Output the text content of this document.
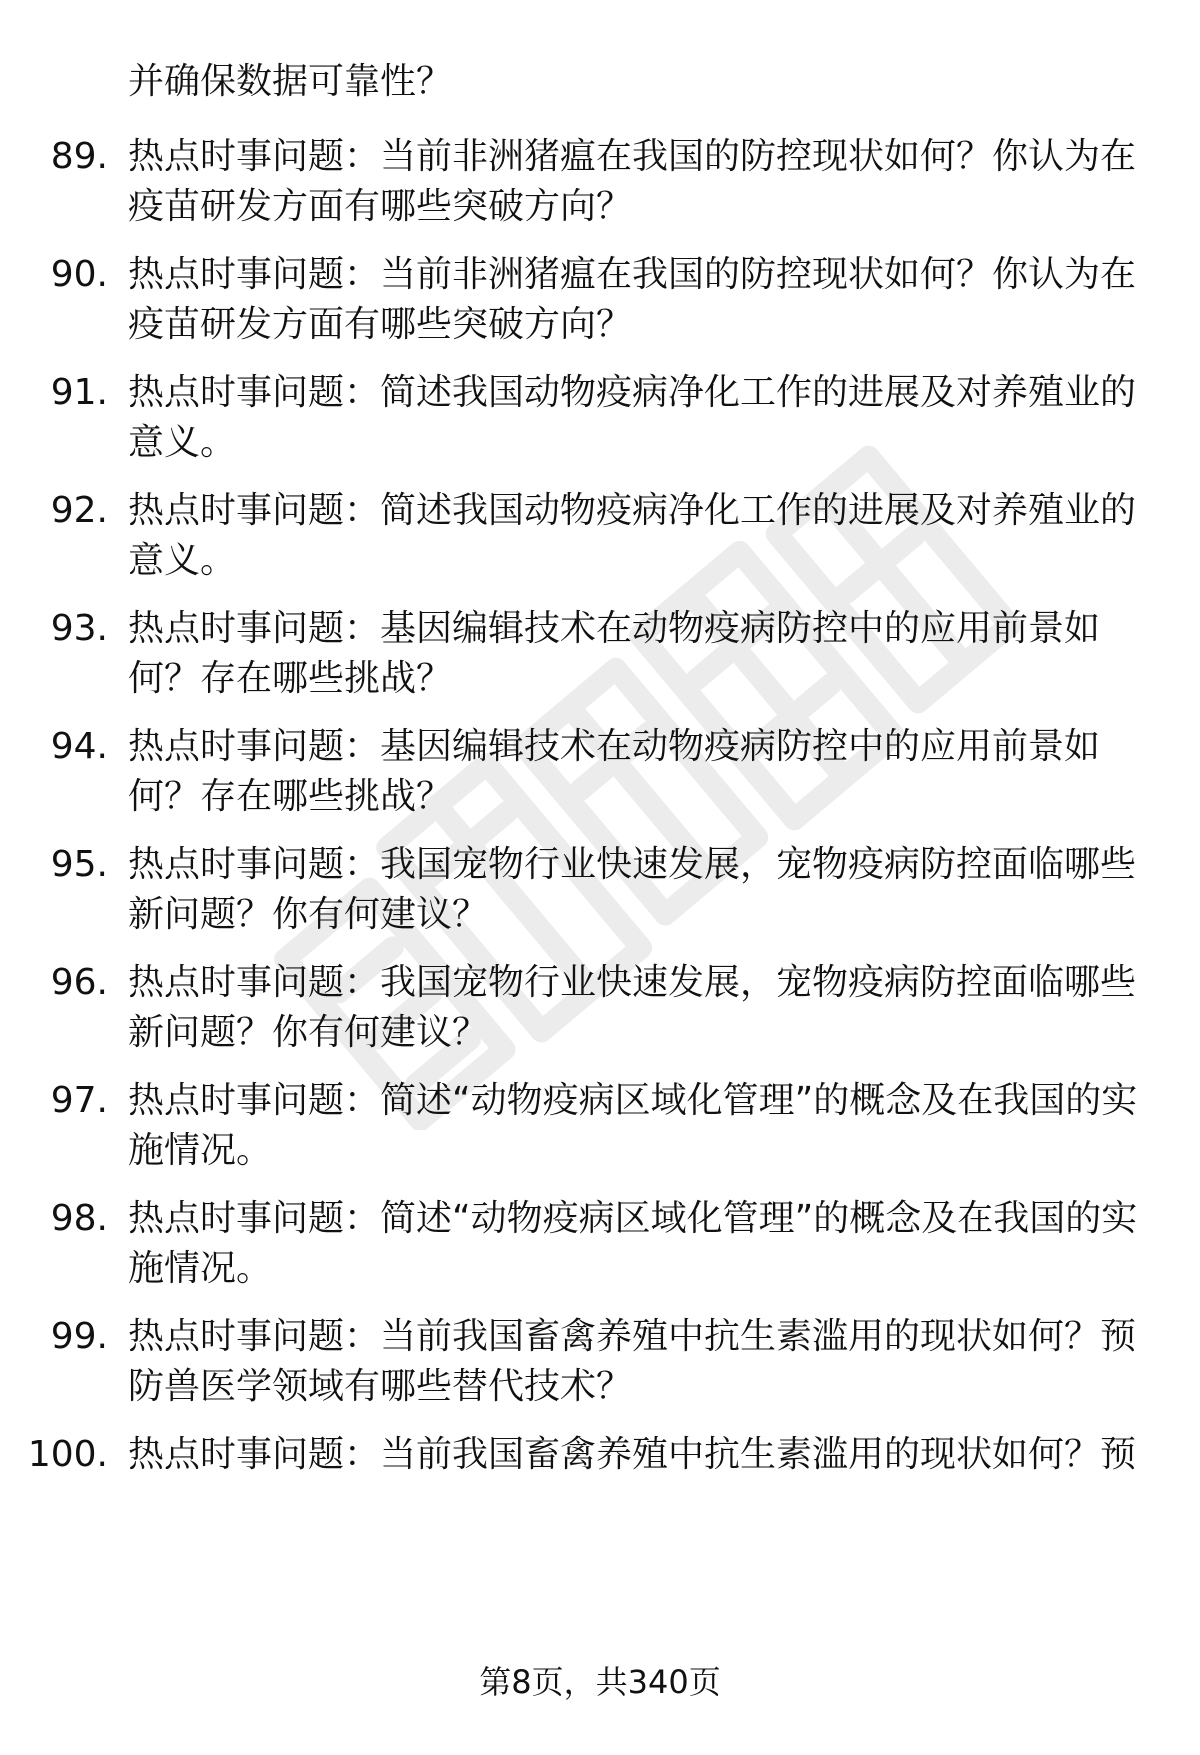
并确保数据可靠性？

89. 热点时事问题：当前非洲猪瘟在我国的防控现状如何？你认为在疫苗研发方面有哪些突破方向？

90. 热点时事问题：当前非洲猪瘟在我国的防控现状如何？你认为在疫苗研发方面有哪些突破方向？

91. 热点时事问题：简述我国动物疫病净化工作的进展及对养殖业的意义。

92. 热点时事问题：简述我国动物疫病净化工作的进展及对养殖业的意义。

93. 热点时事问题：基因编辑技术在动物疫病防控中的应用前景如何？存在哪些挑战？

94. 热点时事问题：基因编辑技术在动物疫病防控中的应用前景如何？存在哪些挑战？

95. 热点时事问题：我国宠物行业快速发展，宠物疫病防控面临哪些新问题？你有何建议？

96. 热点时事问题：我国宠物行业快速发展，宠物疫病防控面临哪些新问题？你有何建议？

97. 热点时事问题：简述“动物疫病区域化管理”的概念及在我国的实施情况。

98. 热点时事问题：简述“动物疫病区域化管理”的概念及在我国的实施情况。

99. 热点时事问题：当前我国畜禽养殖中抗生素滥用的现状如何？预防兽医学领域有哪些替代技术？

100. 热点时事问题：当前我国畜禽养殖中抗生素滥用的现状如何？预

第8页，共340页
